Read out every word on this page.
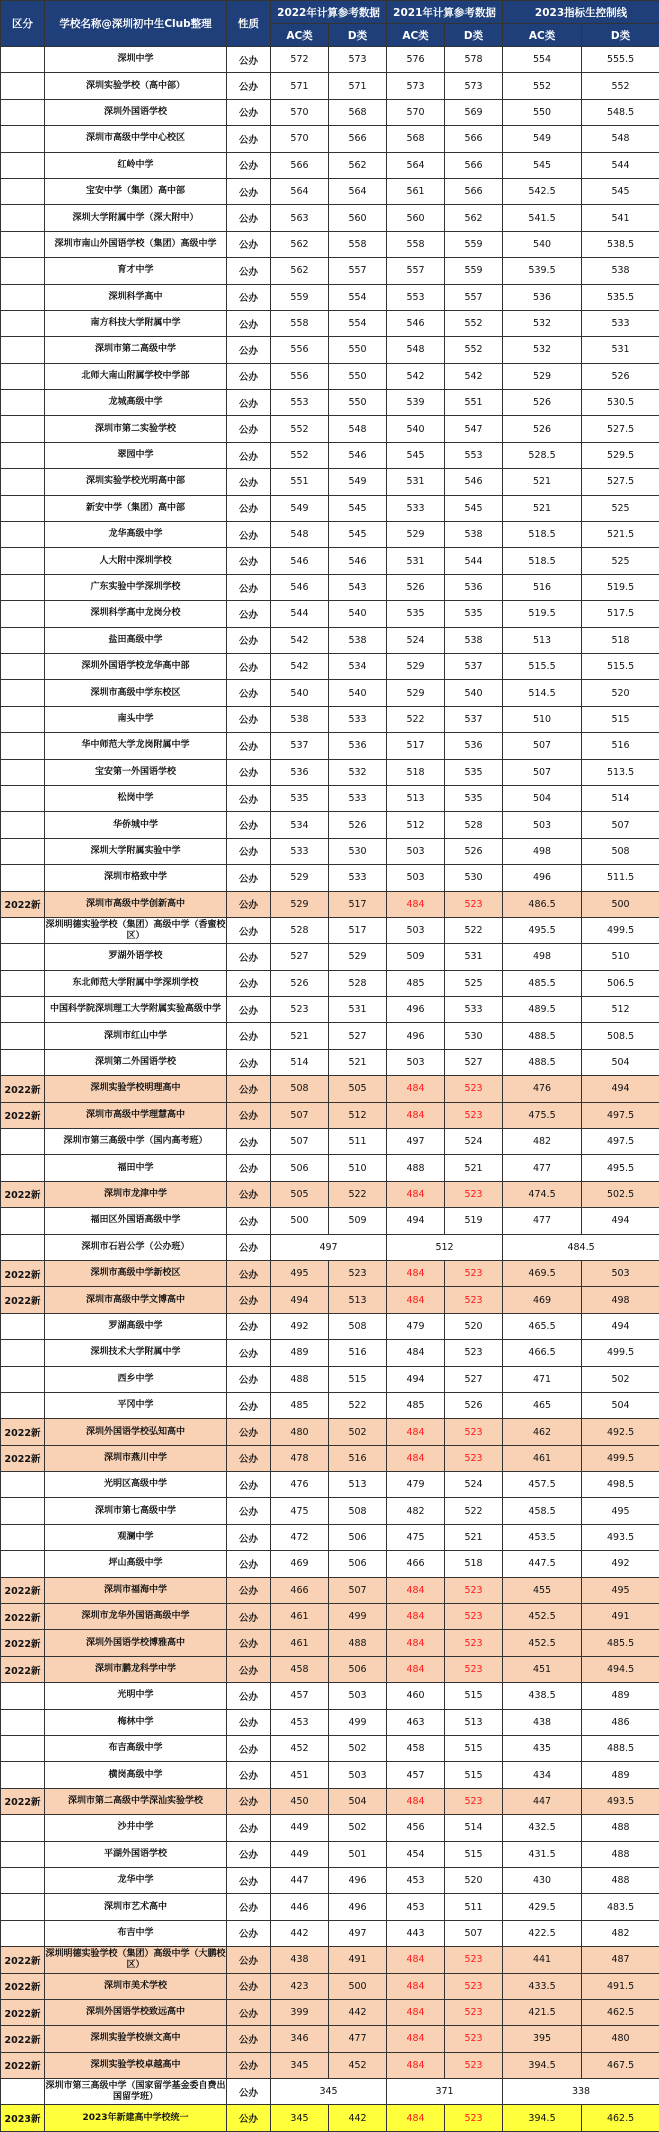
区分	学校名称@深圳初中生Club整理	性质	2022年计算参考数据		2021年计算参考数据		2023指标生控制线	
			AC类	D类	AC类	D类	AC类	D类
	深圳中学	公办	572	573	576	578	554	555.5
	深圳实验学校（高中部）	公办	571	571	573	573	552	552
	深圳外国语学校	公办	570	568	570	569	550	548.5
	深圳市高级中学中心校区	公办	570	566	568	566	549	548
	红岭中学	公办	566	562	564	566	545	544
	宝安中学（集团）高中部	公办	564	564	561	566	542.5	545
	深圳大学附属中学（深大附中）	公办	563	560	560	562	541.5	541
	深圳市南山外国语学校（集团）高级中学	公办	562	558	558	559	540	538.5
	育才中学	公办	562	557	557	559	539.5	538
	深圳科学高中	公办	559	554	553	557	536	535.5
	南方科技大学附属中学	公办	558	554	546	552	532	533
	深圳市第二高级中学	公办	556	550	548	552	532	531
	北师大南山附属学校中学部	公办	556	550	542	542	529	526
	龙城高级中学	公办	553	550	539	551	526	530.5
	深圳市第二实验学校	公办	552	548	540	547	526	527.5
	翠园中学	公办	552	546	545	553	528.5	529.5
	深圳实验学校光明高中部	公办	551	549	531	546	521	527.5
	新安中学（集团）高中部	公办	549	545	533	545	521	525
	龙华高级中学	公办	548	545	529	538	518.5	521.5
	人大附中深圳学校	公办	546	546	531	544	518.5	525
	广东实验中学深圳学校	公办	546	543	526	536	516	519.5
	深圳科学高中龙岗分校	公办	544	540	535	535	519.5	517.5
	盐田高级中学	公办	542	538	524	538	513	518
	深圳外国语学校龙华高中部	公办	542	534	529	537	515.5	515.5
	深圳市高级中学东校区	公办	540	540	529	540	514.5	520
	南头中学	公办	538	533	522	537	510	515
	华中师范大学龙岗附属中学	公办	537	536	517	536	507	516
	宝安第一外国语学校	公办	536	532	518	535	507	513.5
	松岗中学	公办	535	533	513	535	504	514
	华侨城中学	公办	534	526	512	528	503	507
	深圳大学附属实验中学	公办	533	530	503	526	498	508
	深圳市格致中学	公办	529	533	503	530	496	511.5
2022新	深圳市高级中学创新高中	公办	529	517	484	523	486.5	500
	深圳明德实验学校（集团）高级中学（香蜜校区）	公办	528	517	503	522	495.5	499.5
	罗湖外语学校	公办	527	529	509	531	498	510
	东北师范大学附属中学深圳学校	公办	526	528	485	525	485.5	506.5
	中国科学院深圳理工大学附属实验高级中学	公办	523	531	496	533	489.5	512
	深圳市红山中学	公办	521	527	496	530	488.5	508.5
	深圳第二外国语学校	公办	514	521	503	527	488.5	504
2022新	深圳实验学校明理高中	公办	508	505	484	523	476	494
2022新	深圳市高级中学理慧高中	公办	507	512	484	523	475.5	497.5
	深圳市第三高级中学（国内高考班）	公办	507	511	497	524	482	497.5
	福田中学	公办	506	510	488	521	477	495.5
2022新	深圳市龙津中学	公办	505	522	484	523	474.5	502.5
	福田区外国语高级中学	公办	500	509	494	519	477	494
	深圳市石岩公学（公办班）	公办	497		512		484.5	
2022新	深圳市高级中学新校区	公办	495	523	484	523	469.5	503
2022新	深圳市高级中学文博高中	公办	494	513	484	523	469	498
	罗湖高级中学	公办	492	508	479	520	465.5	494
	深圳技术大学附属中学	公办	489	516	484	523	466.5	499.5
	西乡中学	公办	488	515	494	527	471	502
	平冈中学	公办	485	522	485	526	465	504
2022新	深圳外国语学校弘知高中	公办	480	502	484	523	462	492.5
2022新	深圳市燕川中学	公办	478	516	484	523	461	499.5
	光明区高级中学	公办	476	513	479	524	457.5	498.5
	深圳市第七高级中学	公办	475	508	482	522	458.5	495
	观澜中学	公办	472	506	475	521	453.5	493.5
	坪山高级中学	公办	469	506	466	518	447.5	492
2022新	深圳市福海中学	公办	466	507	484	523	455	495
2022新	深圳市龙华外国语高级中学	公办	461	499	484	523	452.5	491
2022新	深圳外国语学校博雅高中	公办	461	488	484	523	452.5	485.5
2022新	深圳市鹏龙科学中学	公办	458	506	484	523	451	494.5
	光明中学	公办	457	503	460	515	438.5	489
	梅林中学	公办	453	499	463	513	438	486
	布吉高级中学	公办	452	502	458	515	435	488.5
	横岗高级中学	公办	451	503	457	515	434	489
2022新	深圳市第二高级中学深汕实验学校	公办	450	504	484	523	447	493.5
	沙井中学	公办	449	502	456	514	432.5	488
	平湖外国语学校	公办	449	501	454	515	431.5	488
	龙华中学	公办	447	496	453	520	430	488
	深圳市艺术高中	公办	446	496	453	511	429.5	483.5
	布吉中学	公办	442	497	443	507	422.5	482
2022新	深圳明德实验学校（集团）高级中学（大鹏校区）	公办	438	491	484	523	441	487
2022新	深圳市美术学校	公办	423	500	484	523	433.5	491.5
2022新	深圳外国语学校致远高中	公办	399	442	484	523	421.5	462.5
2022新	深圳实验学校崇文高中	公办	346	477	484	523	395	480
2022新	深圳实验学校卓越高中	公办	345	452	484	523	394.5	467.5
	深圳市第三高级中学（国家留学基金委自费出国留学班）	公办	345		371		338	
2023新	2023年新建高中学校统一	公办	345	442	484	523	394.5	462.5
